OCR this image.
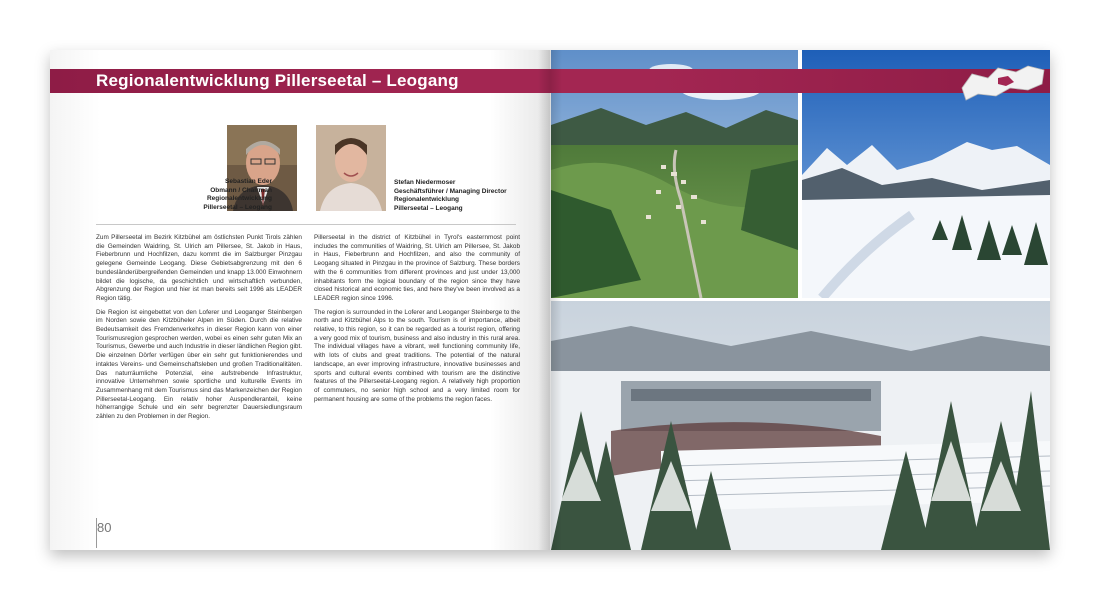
Sebastian Eder
Obmann / Chairman
Regionalentwicklung
Pillerseetal – Leogang
Stefan Niedermoser
Geschäftsführer / Managing Director
Regionalentwicklung
Pillerseetal – Leogang

Zum Pillerseetal im Bezirk Kitzbühel am östlichsten Punkt Tirols zählen die Gemeinden Waidring, St. Ulrich am Pillersee, St. Jakob in Haus, Fieberbrunn und Hochfilzen, dazu kommt die im Salzburger Pinzgau gelegene Gemeinde Leogang. Diese Gebietsabgrenzung mit den 6 bundesländerübergreifenden Gemeinden und knapp 13.000 Einwohnern bildet die logische, da geschichtlich und wirtschaftlich verbunden, Abgrenzung der Region und hier ist man bereits seit 1996 als LEADER Region tätig.

Die Region ist eingebettet von den Loferer und Leoganger Steinbergen im Norden sowie den Kitzbüheler Alpen im Süden. Durch die relative Bedeutsamkeit des Fremdenverkehrs in dieser Region kann von einer Tourismusregion gesprochen werden, wobei es einen sehr guten Mix an Tourismus, Gewerbe und auch Industrie in dieser ländlichen Region gibt. Die einzelnen Dörfer verfügen über ein sehr gut funktionierendes und intaktes Vereins- und Gemeinschaftsleben und großen Traditionalitäten. Das naturräumliche Potenzial, eine aufstrebende Infrastruktur, innovative Unternehmen sowie sportliche und kulturelle Events im Zusammenhang mit dem Tourismus sind das Markenzeichen der Region Pillerseetal-Leogang. Ein relativ hoher Auspendleranteil, keine höherrangige Schule und ein sehr begrenzter Dauersiedlungsraum zählen zu den Problemen in der Region.

Pillerseetal in the district of Kitzbühel in Tyrol's easternmost point includes the communities of Waidring, St. Ulrich am Pillersee, St. Jakob in Haus, Fieberbrunn and Hochfilzen, and also the community of Leogang situated in Pinzgau in the province of Salzburg. These borders with the 6 communities from different provinces and just under 13,000 inhabitants form the logical boundary of the region since they have closed historical and economic ties, and here they've been involved as a LEADER region since 1996.

The region is surrounded in the Loferer and Leoganger Steinberge to the north and Kitzbühel Alps to the south. Tourism is of importance, albeit relative, to this region, so it can be regarded as a tourist region, offering a very good mix of tourism, business and also industry in this rural area. The individual villages have a vibrant, well functioning community life, with lots of clubs and great traditions. The potential of the natural landscape, an ever improving infrastructure, innovative businesses and sports and cultural events combined with tourism are the distinctive features of the Pillerseetal-Leogang region. A relatively high proportion of commuters, no senior high school and a very limited room for permanent housing are some of the problems the region faces.

80
Regionalentwicklung Pillerseetal – Leogang
